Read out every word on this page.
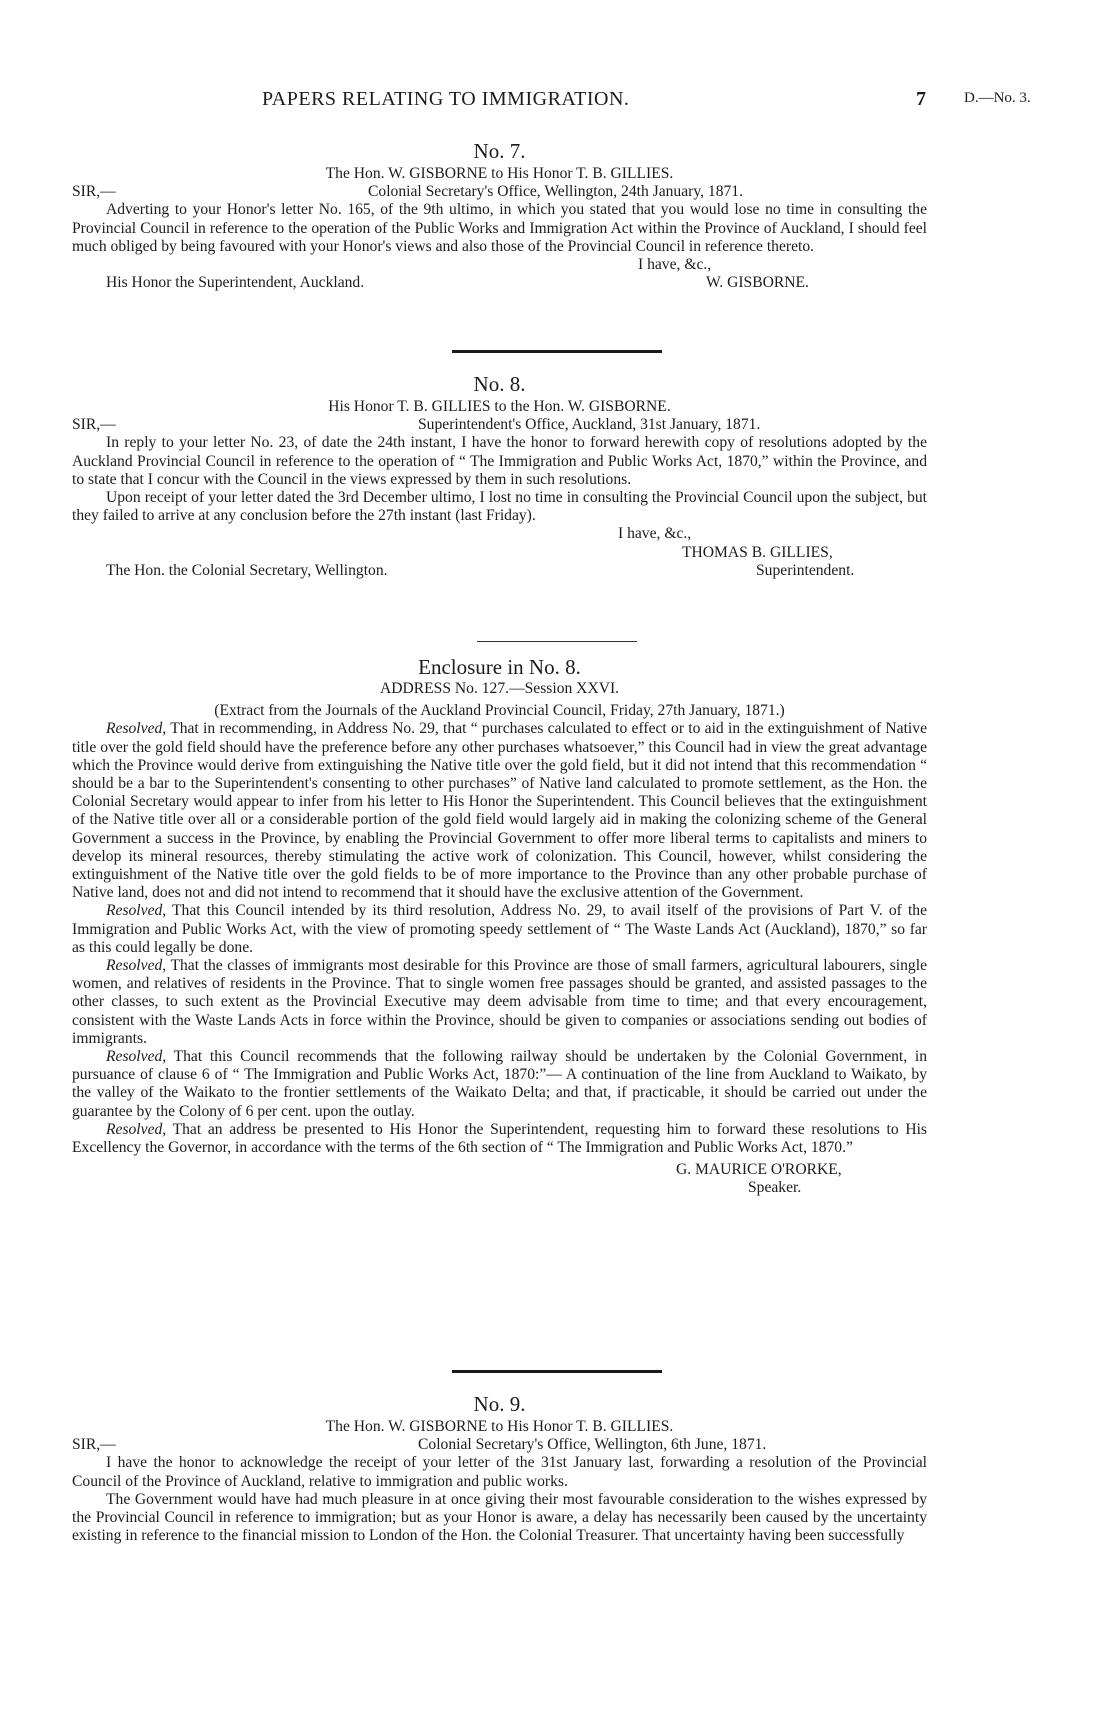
PAPERS RELATING TO IMMIGRATION.	7	D.—No. 3.
No. 7.
The Hon. W. GISBORNE to His Honor T. B. GILLIES.
SIR,—	Colonial Secretary's Office, Wellington, 24th January, 1871.

Adverting to your Honor's letter No. 165, of the 9th ultimo, in which you stated that you would lose no time in consulting the Provincial Council in reference to the operation of the Public Works and Immigration Act within the Province of Auckland, I should feel much obliged by being favoured with your Honor's views and also those of the Provincial Council in reference thereto.

I have, &c.,
His Honor the Superintendent, Auckland.	W. GISBORNE.
No. 8.
His Honor T. B. GILLIES to the Hon. W. GISBORNE.
SIR,—	Superintendent's Office, Auckland, 31st January, 1871.

In reply to your letter No. 23, of date the 24th instant, I have the honor to forward herewith copy of resolutions adopted by the Auckland Provincial Council in reference to the operation of “ The Immigration and Public Works Act, 1870,” within the Province, and to state that I concur with the Council in the views expressed by them in such resolutions.

Upon receipt of your letter dated the 3rd December ultimo, I lost no time in consulting the Provincial Council upon the subject, but they failed to arrive at any conclusion before the 27th instant (last Friday).

I have, &c.,
THOMAS B. GILLIES,
The Hon. the Colonial Secretary, Wellington.	Superintendent.
Enclosure in No. 8.
ADDRESS No. 127.—Session XXVI.
(Extract from the Journals of the Auckland Provincial Council, Friday, 27th January, 1871.)

Resolved, That in recommending, in Address No. 29, that “ purchases calculated to effect or to aid in the extinguishment of Native title over the gold field should have the preference before any other purchases whatsoever,” this Council had in view the great advantage which the Province would derive from extinguishing the Native title over the gold field, but it did not intend that this recommendation “ should be a bar to the Superintendent's consenting to other purchases” of Native land calculated to promote settlement, as the Hon. the Colonial Secretary would appear to infer from his letter to His Honor the Superintendent. This Council believes that the extinguishment of the Native title over all or a considerable portion of the gold field would largely aid in making the colonizing scheme of the General Government a success in the Province, by enabling the Provincial Government to offer more liberal terms to capitalists and miners to develop its mineral resources, thereby stimulating the active work of colonization. This Council, however, whilst considering the extinguishment of the Native title over the gold fields to be of more importance to the Province than any other probable purchase of Native land, does not and did not intend to recommend that it should have the exclusive attention of the Government.

Resolved, That this Council intended by its third resolution, Address No. 29, to avail itself of the provisions of Part V. of the Immigration and Public Works Act, with the view of promoting speedy settlement of “ The Waste Lands Act (Auckland), 1870,” so far as this could legally be done.

Resolved, That the classes of immigrants most desirable for this Province are those of small farmers, agricultural labourers, single women, and relatives of residents in the Province. That to single women free passages should be granted, and assisted passages to the other classes, to such extent as the Provincial Executive may deem advisable from time to time; and that every encouragement, consistent with the Waste Lands Acts in force within the Province, should be given to companies or associations sending out bodies of immigrants.

Resolved, That this Council recommends that the following railway should be undertaken by the Colonial Government, in pursuance of clause 6 of “ The Immigration and Public Works Act, 1870:”— A continuation of the line from Auckland to Waikato, by the valley of the Waikato to the frontier settlements of the Waikato Delta; and that, if practicable, it should be carried out under the guarantee by the Colony of 6 per cent. upon the outlay.

Resolved, That an address be presented to His Honor the Superintendent, requesting him to forward these resolutions to His Excellency the Governor, in accordance with the terms of the 6th section of “ The Immigration and Public Works Act, 1870.”

G. MAURICE O'RORKE,
Speaker.
No. 9.
The Hon. W. GISBORNE to His Honor T. B. GILLIES.
SIR,—	Colonial Secretary's Office, Wellington, 6th June, 1871.

I have the honor to acknowledge the receipt of your letter of the 31st January last, forwarding a resolution of the Provincial Council of the Province of Auckland, relative to immigration and public works.

The Government would have had much pleasure in at once giving their most favourable consideration to the wishes expressed by the Provincial Council in reference to immigration; but as your Honor is aware, a delay has necessarily been caused by the uncertainty existing in reference to the financial mission to London of the Hon. the Colonial Treasurer. That uncertainty having been successfully
